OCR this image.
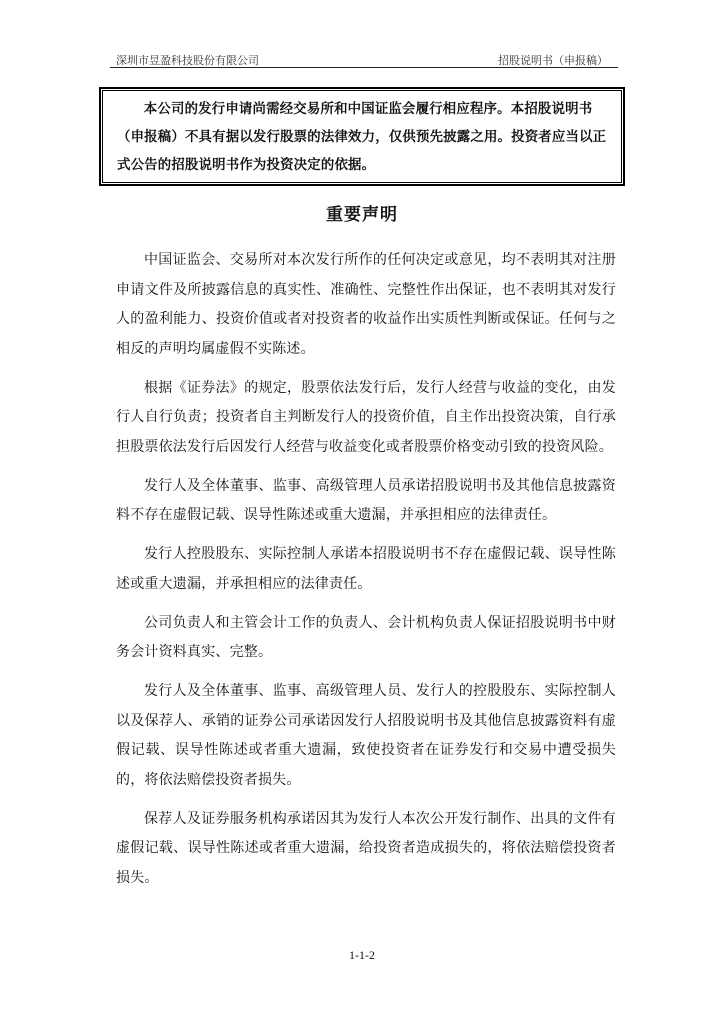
深圳市昱盈科技股份有限公司	招股说明书（申报稿）
本公司的发行申请尚需经交易所和中国证监会履行相应程序。本招股说明书（申报稿）不具有据以发行股票的法律效力，仅供预先披露之用。投资者应当以正式公告的招股说明书作为投资决定的依据。
重要声明

中国证监会、交易所对本次发行所作的任何决定或意见，均不表明其对注册申请文件及所披露信息的真实性、准确性、完整性作出保证，也不表明其对发行人的盈利能力、投资价值或者对投资者的收益作出实质性判断或保证。任何与之相反的声明均属虚假不实陈述。

根据《证券法》的规定，股票依法发行后，发行人经营与收益的变化，由发行人自行负责；投资者自主判断发行人的投资价值，自主作出投资决策，自行承担股票依法发行后因发行人经营与收益变化或者股票价格变动引致的投资风险。

发行人及全体董事、监事、高级管理人员承诺招股说明书及其他信息披露资料不存在虚假记载、误导性陈述或重大遗漏，并承担相应的法律责任。

发行人控股股东、实际控制人承诺本招股说明书不存在虚假记载、误导性陈述或重大遗漏，并承担相应的法律责任。

公司负责人和主管会计工作的负责人、会计机构负责人保证招股说明书中财务会计资料真实、完整。

发行人及全体董事、监事、高级管理人员、发行人的控股股东、实际控制人以及保荐人、承销的证券公司承诺因发行人招股说明书及其他信息披露资料有虚假记载、误导性陈述或者重大遗漏，致使投资者在证券发行和交易中遭受损失的，将依法赔偿投资者损失。

保荐人及证券服务机构承诺因其为发行人本次公开发行制作、出具的文件有虚假记载、误导性陈述或者重大遗漏，给投资者造成损失的，将依法赔偿投资者损失。

1-1-2
